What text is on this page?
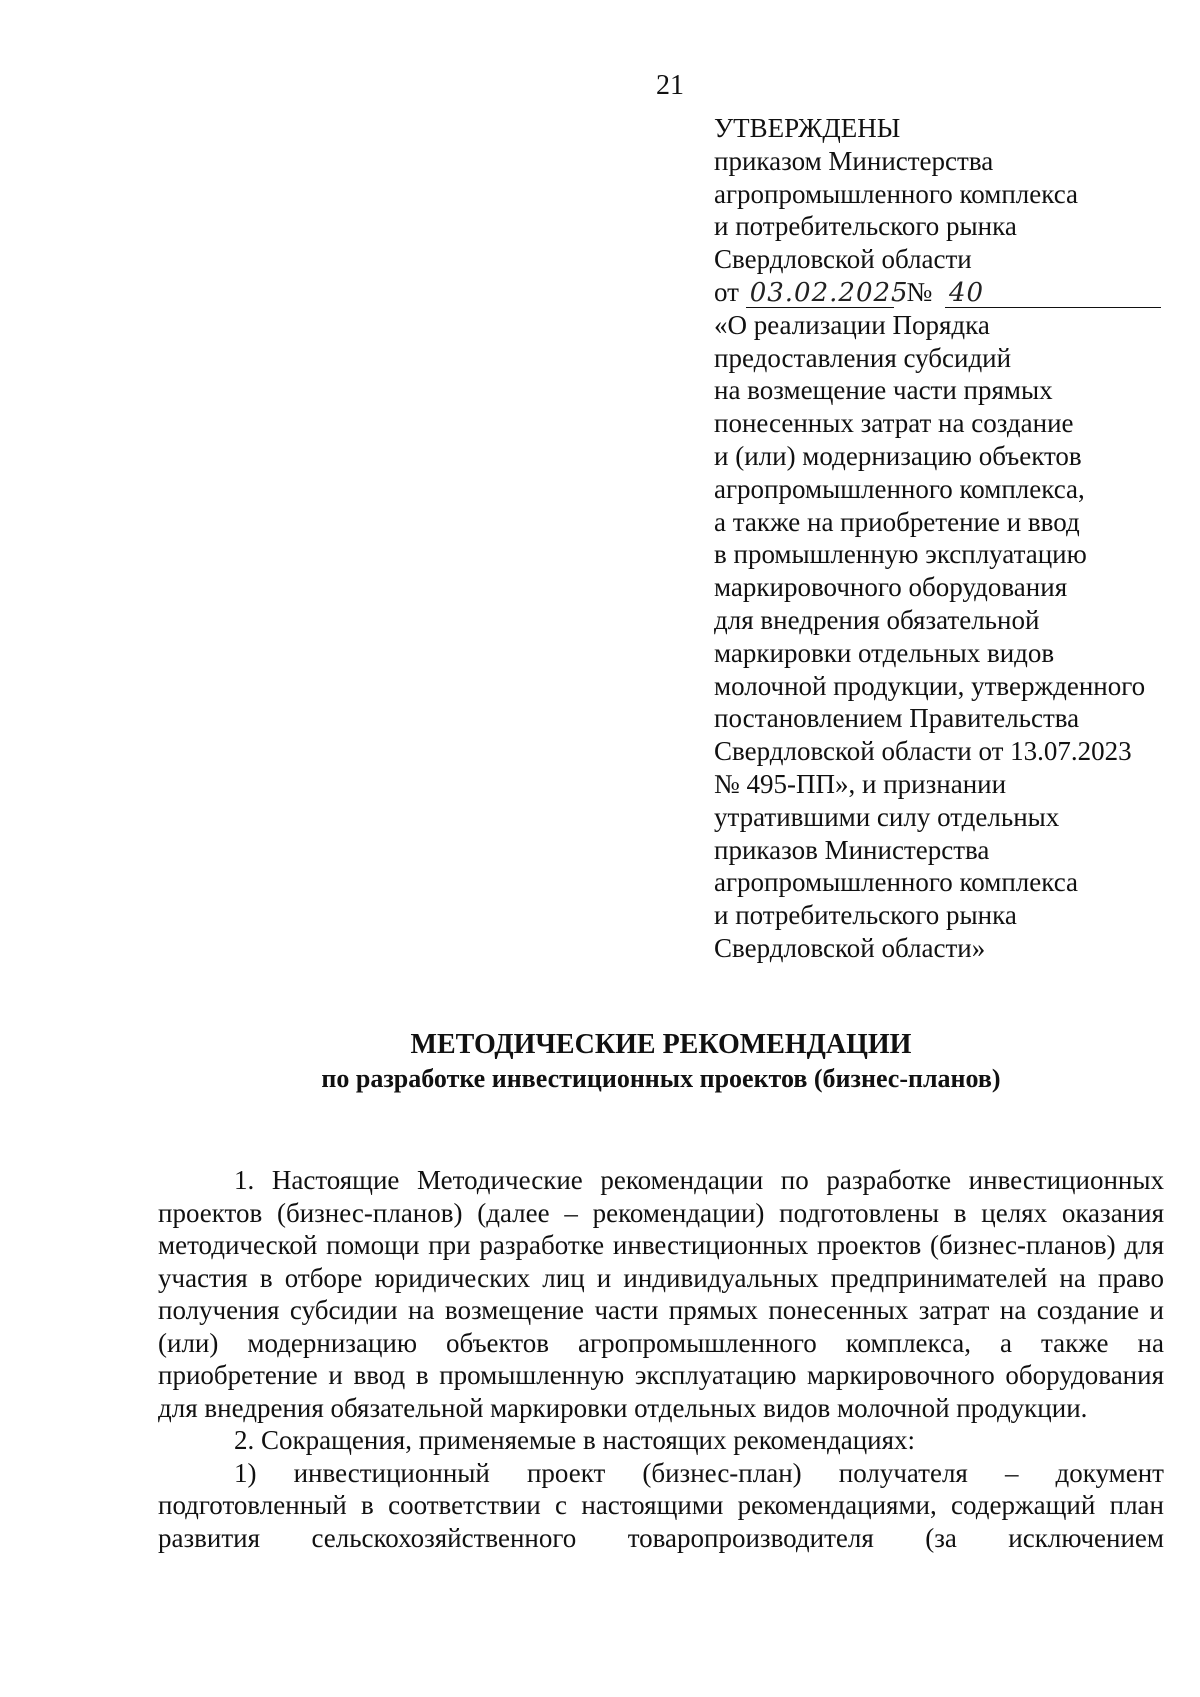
21
УТВЕРЖДЕНЫ
приказом Министерства
агропромышленного комплекса
и потребительского рынка
Свердловской области
от 03.02.2025 № 40
«О реализации Порядка
предоставления субсидий
на возмещение части прямых
понесенных затрат на создание
и (или) модернизацию объектов
агропромышленного комплекса,
а также на приобретение и ввод
в промышленную эксплуатацию
маркировочного оборудования
для внедрения обязательной
маркировки отдельных видов
молочной продукции, утвержденного
постановлением Правительства
Свердловской области от 13.07.2023
№ 495-ПП», и признании
утратившими силу отдельных
приказов Министерства
агропромышленного комплекса
и потребительского рынка
Свердловской области»
МЕТОДИЧЕСКИЕ РЕКОМЕНДАЦИИ
по разработке инвестиционных проектов (бизнес-планов)

1. Настоящие Методические рекомендации по разработке инвестиционных проектов (бизнес-планов) (далее – рекомендации) подготовлены в целях оказания методической помощи при разработке инвестиционных проектов (бизнес-планов) для участия в отборе юридических лиц и индивидуальных предпринимателей на право получения субсидии на возмещение части прямых понесенных затрат на создание и (или) модернизацию объектов агропромышленного комплекса, а также на приобретение и ввод в промышленную эксплуатацию маркировочного оборудования для внедрения обязательной маркировки отдельных видов молочной продукции.

2. Сокращения, применяемые в настоящих рекомендациях:

1) инвестиционный проект (бизнес-план) получателя – документ подготовленный в соответствии с настоящими рекомендациями, содержащий план развития сельскохозяйственного товаропроизводителя (за исключением
